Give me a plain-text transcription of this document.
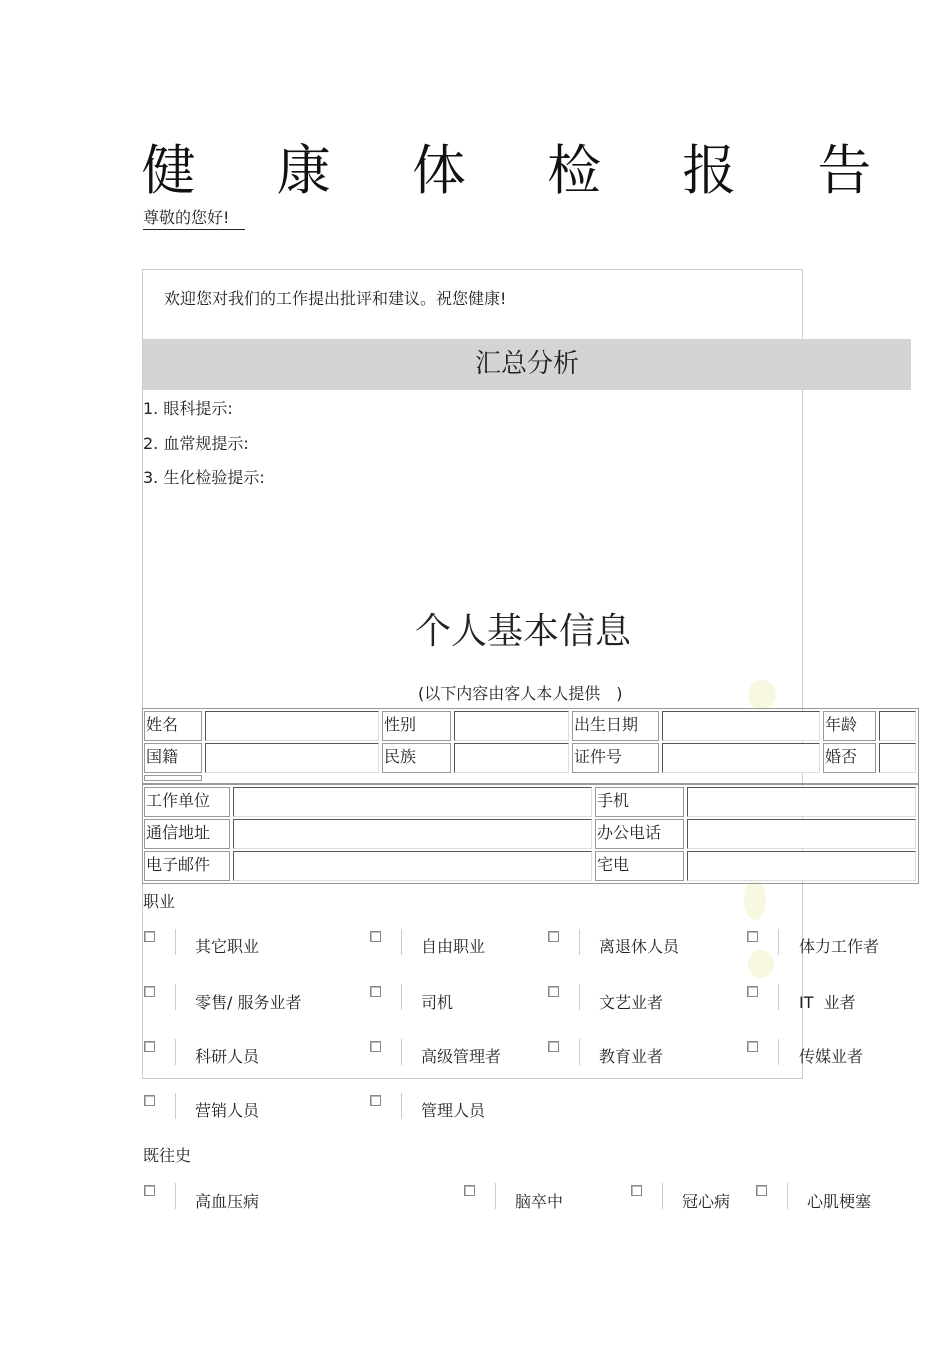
健 康 体 检 报 告
尊敬的您好!
欢迎您对我们的工作提出批评和建议。祝您健康!
汇总分析
1. 眼科提示:
2. 血常规提示:
3. 生化检验提示:
个人基本信息
(以下内容由客人本人提供　)
姓名	性别	出生日期	年龄
国籍	民族	证件号	婚否
工作单位	手机
通信地址	办公电话
电子邮件	宅电
职业
其它职业	自由职业	离退休人员	体力工作者
零售/ 服务业者	司机	文艺业者	IT  业者
科研人员	高级管理者	教育业者	传媒业者
营销人员	管理人员
既往史
高血压病	脑卒中	冠心病	心肌梗塞
